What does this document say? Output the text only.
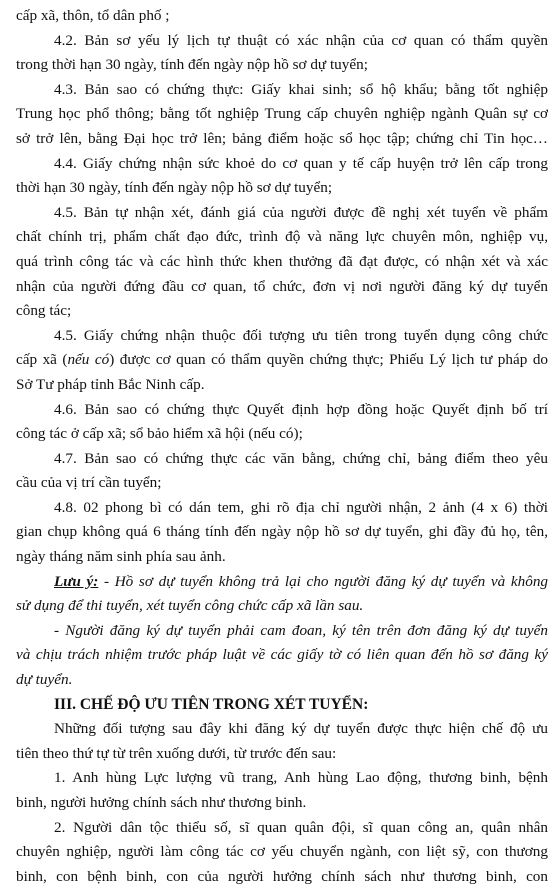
cấp xã, thôn, tổ dân phố ;
4.2. Bản sơ yếu lý lịch tự thuật có xác nhận của cơ quan có thẩm quyền
trong thời hạn 30 ngày, tính đến ngày nộp hồ sơ dự tuyển;
4.3. Bản sao có chứng thực: Giấy khai sinh; sổ hộ khẩu; bằng tốt nghiệp
Trung học phổ thông; bằng tốt nghiệp Trung cấp chuyên nghiệp ngành Quân sự cơ
sở trở lên, bằng Đại học trở lên; bảng điểm hoặc sổ học tập; chứng chỉ Tin học…
4.4. Giấy chứng nhận sức khoẻ do cơ quan y tế cấp huyện trở lên cấp trong
thời hạn 30 ngày, tính đến ngày nộp hồ sơ dự tuyển;
4.5. Bản tự nhận xét, đánh giá của người được đề nghị xét tuyển về phẩm
chất chính trị, phẩm chất đạo đức, trình độ và năng lực chuyên môn, nghiệp vụ,
quá trình công tác và các hình thức khen thưởng đã đạt được, có nhận xét và xác
nhận của người đứng đầu cơ quan, tổ chức, đơn vị nơi người đăng ký dự tuyển
công tác;
4.5. Giấy chứng nhận thuộc đối tượng ưu tiên trong tuyển dụng công chức
cấp xã (nếu có) được cơ quan có thẩm quyền chứng thực; Phiếu Lý lịch tư pháp do
Sở Tư pháp tỉnh Bắc Ninh cấp.
4.6. Bản sao có chứng thực Quyết định hợp đồng hoặc Quyết định bố trí
công tác ở cấp xã; sổ bảo hiểm xã hội (nếu có);
4.7. Bản sao có chứng thực các văn bằng, chứng chỉ, bảng điểm theo yêu
cầu của vị trí cần tuyển;
4.8. 02 phong bì có dán tem, ghi rõ địa chỉ người nhận, 2 ảnh (4 x 6) thời
gian chụp không quá 6 tháng tính đến ngày nộp hồ sơ dự tuyển, ghi đầy đủ họ, tên,
ngày tháng năm sinh phía sau ảnh.
Lưu ý: - Hồ sơ dự tuyển không trả lại cho người đăng ký dự tuyển và không
sử dụng để thi tuyển, xét tuyển công chức cấp xã lần sau.
- Người đăng ký dự tuyển phải cam đoan, ký tên trên đơn đăng ký dự tuyển
và chịu trách nhiệm trước pháp luật về các giấy tờ có liên quan đến hồ sơ đăng ký
dự tuyển.
III. CHẾ ĐỘ ƯU TIÊN TRONG XÉT TUYỂN:
Những đối tượng sau đây khi đăng ký dự tuyển được thực hiện chế độ ưu
tiên theo thứ tự từ trên xuống dưới, từ trước đến sau:
1. Anh hùng Lực lượng vũ trang, Anh hùng Lao động, thương binh, bệnh
binh, người hưởng chính sách như thương binh.
2. Người dân tộc thiểu số, sĩ quan quân đội, sĩ quan công an, quân nhân
chuyên nghiệp, người làm công tác cơ yếu chuyển ngành, con liệt sỹ, con thương
binh, con bệnh binh, con của người hưởng chính sách như thương binh, con
